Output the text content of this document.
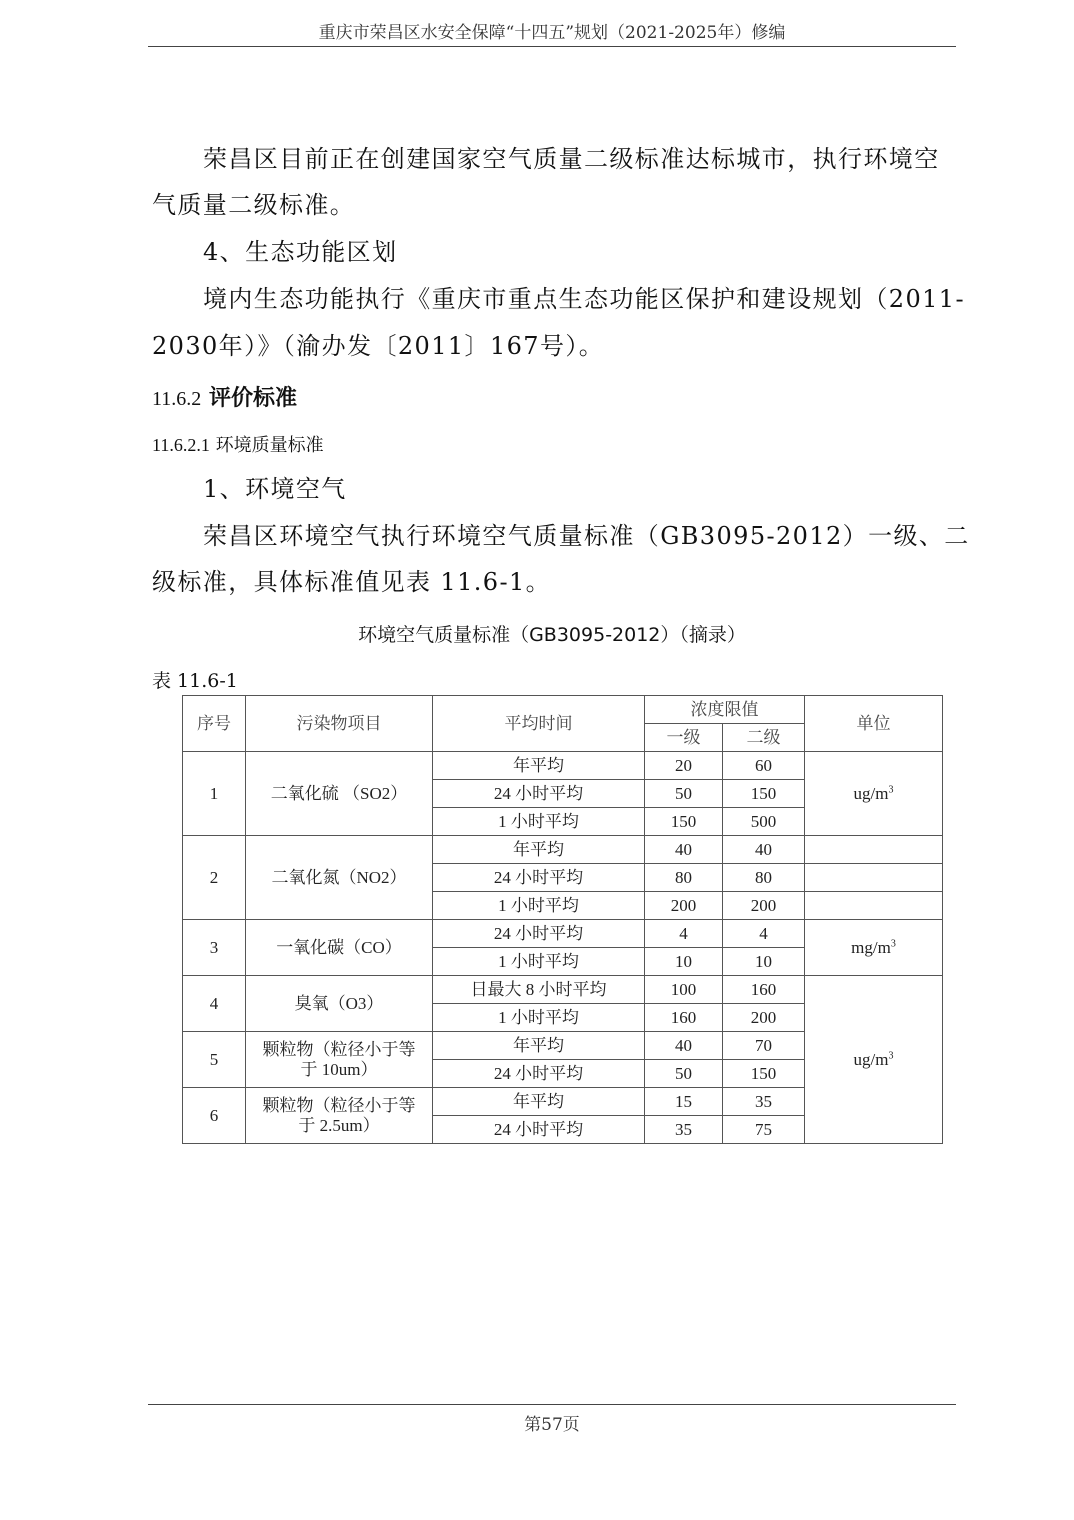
重庆市荣昌区水安全保障“十四五”规划（2021-2025年）修编
荣昌区目前正在创建国家空气质量二级标准达标城市，执行环境空
气质量二级标准。
4、生态功能区划
境内生态功能执行《重庆市重点生态功能区保护和建设规划（2011-
2030年）》（渝办发〔2011〕167号）。
11.6.2 评价标准
11.6.2.1 环境质量标准
1、环境空气
荣昌区环境空气执行环境空气质量标准（GB3095-2012）一级、二
级标准，具体标准值见表 11.6-1。
环境空气质量标准（GB3095-2012）（摘录）
表 11.6-1
序号	污染物项目	平均时间	浓度限值		单位
			一级	二级	
1	二氧化硫 （SO2）	年平均	20	60	$ug/m^3$
		24 小时平均	50	150	
		1 小时平均	150	500	
2	二氧化氮（NO2）	年平均	40	40	
		24 小时平均	80	80	
		1 小时平均	200	200	
3	一氧化碳（CO）	24 小时平均	4	4	$mg/m^3$
		1 小时平均	10	10	
4	臭氧（O3）	日最大 8 小时平均	100	160	$ug/m^3$
		1 小时平均	160	200	
5	颗粒物（粒径小于等
于 10um）	年平均	40	70	
		24 小时平均	50	150	
6	颗粒物（粒径小于等
于 2.5um）	年平均	15	35	
		24 小时平均	35	75	
第57页
